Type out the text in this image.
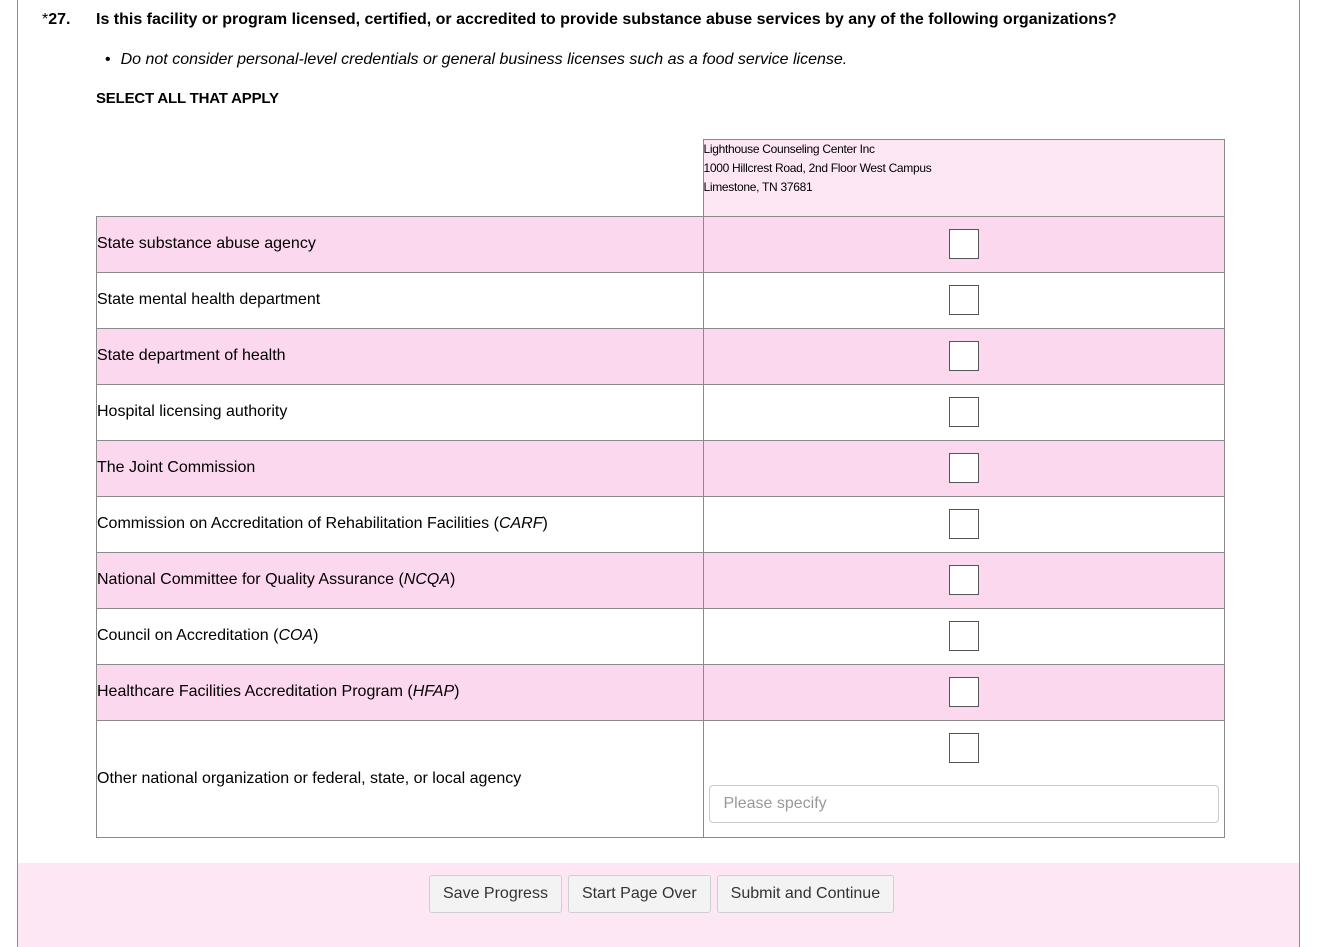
*27. Is this facility or program licensed, certified, or accredited to provide substance abuse services by any of the following organizations?
• Do not consider personal-level credentials or general business licenses such as a food service license.
SELECT ALL THAT APPLY

	Lighthouse Counseling Center Inc
1000 Hillcrest Road, 2nd Floor West Campus
Limestone, TN 37681

State substance abuse agency	

State mental health department	

State department of health	

Hospital licensing authority	

The Joint Commission	

Commission on Accreditation of Rehabilitation Facilities (CARF)	

National Committee for Quality Assurance (NCQA)	

Council on Accreditation (COA)	

Healthcare Facilities Accreditation Program (HFAP)	

Other national organization or federal, state, or local agency	
Please specify
Save Progress	Start Page Over	Submit and Continue
